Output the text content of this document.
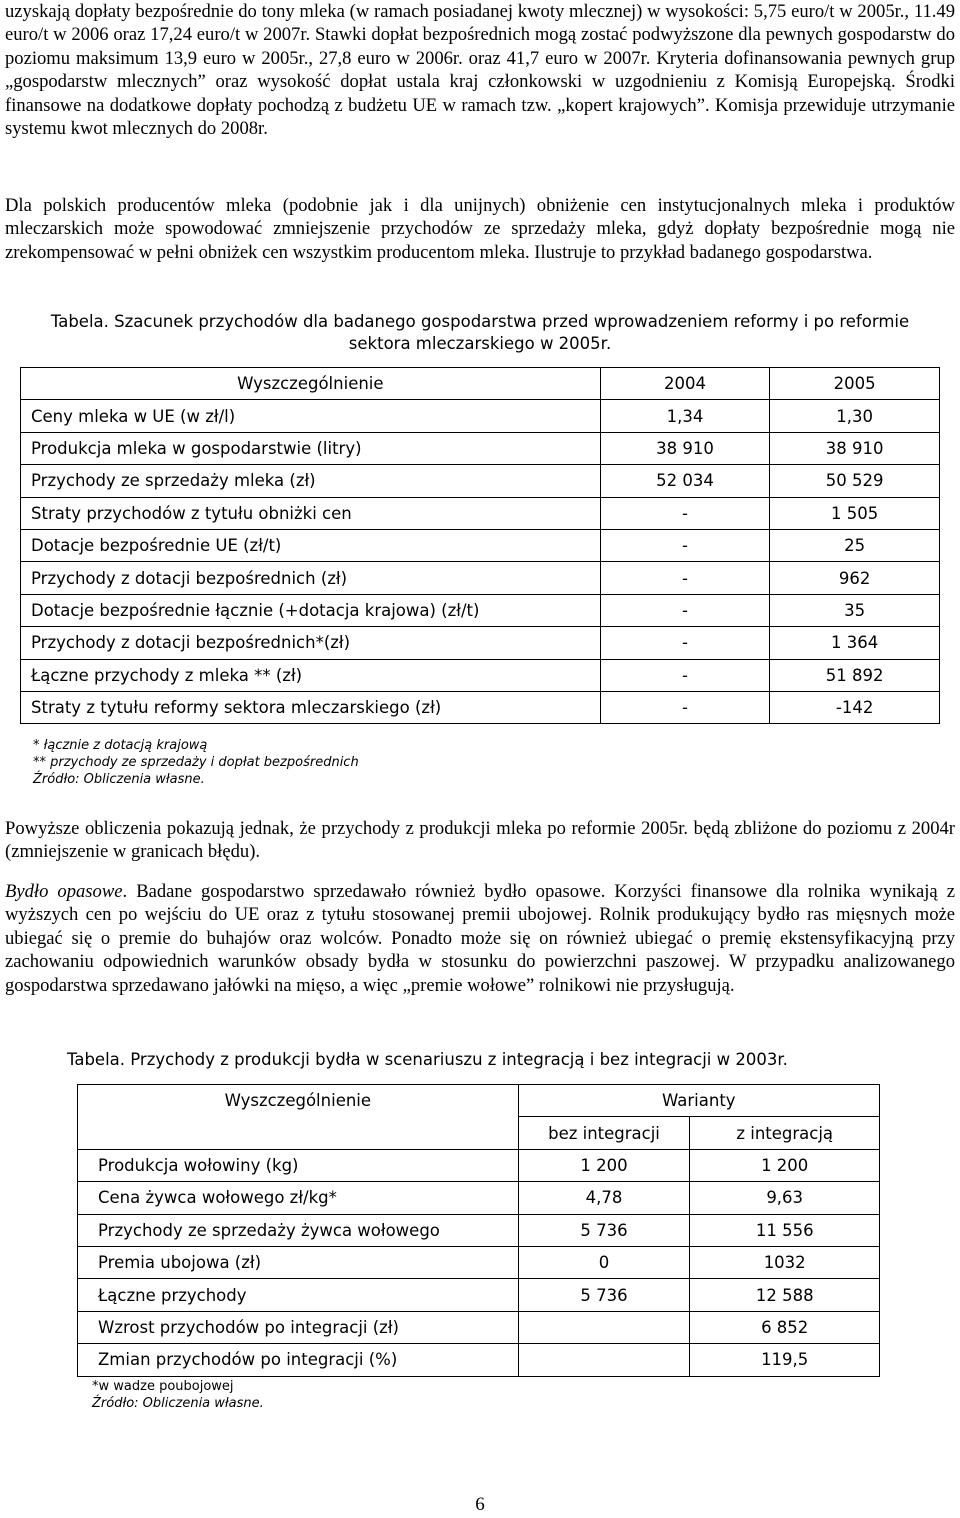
uzyskają dopłaty bezpośrednie do tony mleka (w ramach posiadanej kwoty mlecznej) w wysokości: 5,75 euro/t w 2005r., 11.49 euro/t w 2006 oraz 17,24 euro/t w 2007r. Stawki dopłat bezpośrednich mogą zostać podwyższone dla pewnych gospodarstw do poziomu maksimum 13,9 euro w 2005r., 27,8 euro w 2006r. oraz 41,7 euro w 2007r. Kryteria dofinansowania pewnych grup „gospodarstw mlecznych” oraz wysokość dopłat ustala kraj członkowski w uzgodnieniu z Komisją Europejską. Środki finansowe na dodatkowe dopłaty pochodzą z budżetu UE w ramach tzw. „kopert krajowych”. Komisja przewiduje utrzymanie systemu kwot mlecznych do 2008r.

Dla polskich producentów mleka (podobnie jak i dla unijnych) obniżenie cen instytucjonalnych mleka i produktów mleczarskich może spowodować zmniejszenie przychodów ze sprzedaży mleka, gdyż dopłaty bezpośrednie mogą nie zrekompensować w pełni obniżek cen wszystkim producentom mleka. Ilustruje to przykład badanego gospodarstwa.

Tabela. Szacunek przychodów dla badanego gospodarstwa przed wprowadzeniem reformy i po reformie sektora mleczarskiego w 2005r.
Wyszczególnienie	2004	2005
Ceny mleka w UE (w zł/l)	1,34	1,30
Produkcja mleka w gospodarstwie (litry)	38 910	38 910
Przychody ze sprzedaży mleka (zł)	52 034	50 529
Straty przychodów z tytułu obniżki cen	-	1 505
Dotacje bezpośrednie UE (zł/t)	-	25
Przychody z dotacji bezpośrednich (zł)	-	962
Dotacje bezpośrednie łącznie (+dotacja krajowa) (zł/t)	-	35
Przychody z dotacji bezpośrednich*(zł)	-	1 364
Łączne przychody z mleka ** (zł)	-	51 892
Straty z tytułu reformy sektora mleczarskiego (zł)	-	-142
* łącznie z dotacją krajową
** przychody ze sprzedaży i dopłat bezpośrednich
Źródło: Obliczenia własne.

Powyższe obliczenia pokazują jednak, że przychody z produkcji mleka po reformie 2005r. będą zbliżone do poziomu z 2004r (zmniejszenie w granicach błędu).

Bydło opasowe. Badane gospodarstwo sprzedawało również bydło opasowe. Korzyści finansowe dla rolnika wynikają z wyższych cen po wejściu do UE oraz z tytułu stosowanej premii ubojowej. Rolnik produkujący bydło ras mięsnych może ubiegać się o premie do buhajów oraz wolców. Ponadto może się on również ubiegać o premię ekstensyfikacyjną przy zachowaniu odpowiednich warunków obsady bydła w stosunku do powierzchni paszowej. W przypadku analizowanego gospodarstwa sprzedawano jałówki na mięso, a więc „premie wołowe” rolnikowi nie przysługują.

Tabela. Przychody z produkcji bydła w scenariuszu z integracją i bez integracji w 2003r.
Wyszczególnienie	Warianty	
	bez integracji	z integracją
Produkcja wołowiny (kg)	1 200	1 200
Cena żywca wołowego zł/kg*	4,78	9,63
Przychody ze sprzedaży żywca wołowego	5 736	11 556
Premia ubojowa (zł)	0	1032
Łączne przychody	5 736	12 588
Wzrost przychodów po integracji (zł)		6 852
Zmian przychodów po integracji (%)		119,5
*w wadze poubojowej
Źródło: Obliczenia własne.
6
